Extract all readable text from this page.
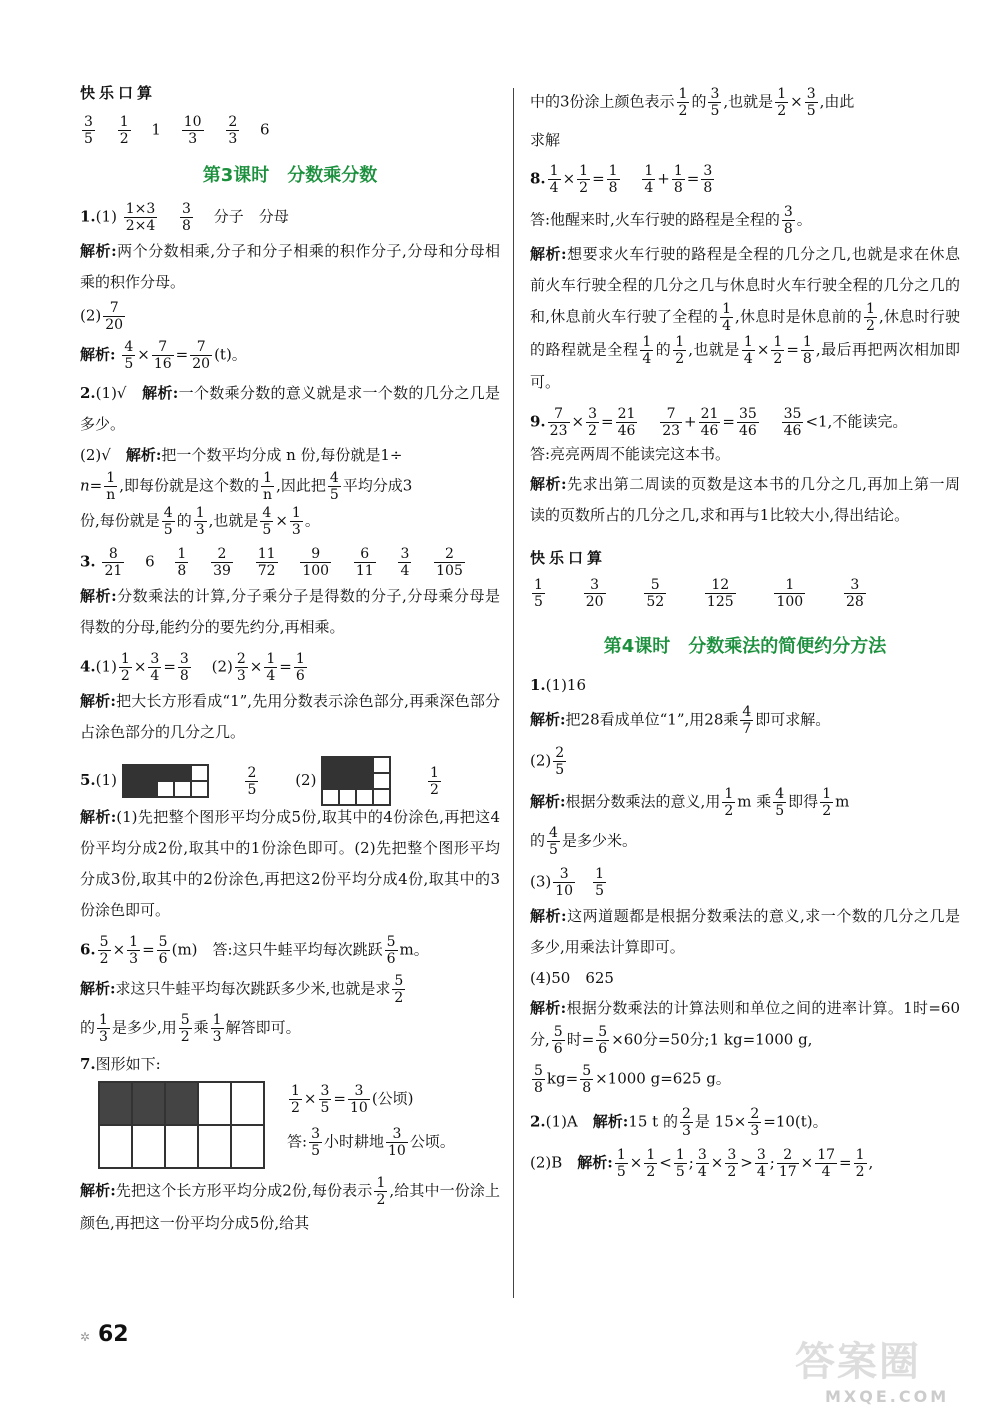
快乐口算
$\frac{3}{5}$
$\frac{1}{2} 1 \frac{10}{3}$
$\frac{2}{3} 6$
第3课时　分数乘分数
$1.(1) \frac{1\times 3}{2\times 4}$
$\frac{3}{8}$ 分子　分母
解析:两个分数相乘,分子和分子相乘的积作分子,分母和分母相乘的积作分母。
$(2) \frac{7}{20}$
解析: $\frac{4}{5} \times \frac{7}{16} = \frac{7}{20} (t)$。
2.(1)√　 解析:一个数乘分数的意义就是求一个数的几分之几是多少。
(2)√　 解析:把一个数平均分成 n 份,每份就是1÷
$n= \frac{1}{n}$ ,即每份就是这个数的 $\frac{1}{n}$ ,因此把 $\frac{4}{5}$ 平均分成3
份,每份就是 $\frac{4}{5}$ 的 $\frac{1}{3}$ ,也就是 $\frac{4}{5} \times \frac{1}{3}$ 。
3. $\frac{8}{21} 6 \frac{1}{8}$
$\frac{2}{39}$
$\frac{11}{72}$
$\frac{9}{100}$
$\frac{6}{11}$
$\frac{3}{4}$
$\frac{2}{105}$
解析:分数乘法的计算,分子乘分子是得数的分子,分母乘分母是得数的分母,能约分的要先约分,再相乘。
$4.(1) \frac{1}{2} \times \frac{3}{4} = \frac{3}{8} (2) \frac{2}{3} \times \frac{1}{4} = \frac{1}{6}$
解析:把大长方形看成“1”,先用分数表示涂色部分,再乘深色部分占涂色部分的几分之几。
5.(1)
	$\frac{2}{5} (2)$
	$\frac{1}{2}$
解析:(1)先把整个图形平均分成5份,取其中的4份涂色,再把这4份平均分成2份,取其中的1份涂色即可。(2)先把整个图形平均分成3份,取其中的2份涂色,再把这2份平均分成4份,取其中的3份涂色即可。
6. $\frac{5}{2} \times \frac{1}{3} = \frac{5}{6} (m)$　 答:这只牛蛙平均每次跳跃 $\frac{5}{6}$ m。
解析:求这只牛蛙平均每次跳跃多少米,也就是求 $\frac{5}{2}$
的 $\frac{1}{3}$ 是多少,用 $\frac{5}{2}$ 乘 $\frac{1}{3}$ 解答即可。
7.图形如下:
$\frac{1}{2} \times \frac{3}{5} = \frac{3}{10}$ (公顷)
答: $\frac{3}{5}$ 小时耕地 $\frac{3}{10}$ 公顷。
解析:先把这个长方形平均分成2份,每份表示 $\frac{1}{2}$ ,给其中一份涂上颜色,再把这一份平均分成5份,给其
中的3份涂上颜色表示 $\frac{1}{2}$ 的 $\frac{3}{5}$ ,也就是 $\frac{1}{2} \times \frac{3}{5}$ ,由此
求解
8. $\frac{1}{4} \times \frac{1}{2} = \frac{1}{8}$
$\frac{1}{4} + \frac{1}{8} = \frac{3}{8}$
答:他醒来时,火车行驶的路程是全程的 $\frac{3}{8}$ 。
解析:想要求火车行驶的路程是全程的几分之几,也就是求在休息前火车行驶全程的几分之几与休息时火车行驶全程的几分之几的和,休息前火车行驶了全程的 $\frac{1}{4}$ ,休息时是休息前的 $\frac{1}{2}$ ,休息时行驶的路程就是全程 $\frac{1}{4}$ 的 $\frac{1}{2}$ ,也就是 $\frac{1}{4} \times \frac{1}{2} = \frac{1}{8}$ ,最后再把两次相加即可。
9. $\frac{7}{23} \times \frac{3}{2} = \frac{21}{46}$
$\frac{7}{23} + \frac{21}{46} = \frac{35}{46}$
$\frac{35}{46} <1$,不能读完。
答:亮亮两周不能读完这本书。
解析:先求出第二周读的页数是这本书的几分之几,再加上第一周读的页数所占的几分之几,求和再与1比较大小,得出结论。
快乐口算
$\frac{1}{5}$
	$\frac{3}{20}$
	$\frac{5}{52}$
	$\frac{12}{125}$
	$\frac{1}{100}$
	$\frac{3}{28}$
第4课时　分数乘法的简便约分方法
1.(1)16
解析:把28看成单位“1”,用28乘 $\frac{4}{7}$ 即可求解。
$(2) \frac{2}{5}$
解析:根据分数乘法的意义,用 $\frac{1}{2}$ m 乘 $\frac{4}{5}$ 即得 $\frac{1}{2}$ m
的 $\frac{4}{5}$ 是多少米。
$(3) \frac{3}{10} \frac{1}{5}$
解析:这两道题都是根据分数乘法的意义,求一个数的几分之几是多少,用乘法计算即可。
(4)50　625
解析:根据分数乘法的计算法则和单位之间的进率计算。1时=60分, $\frac{5}{6}$ 时= $\frac{5}{6} \times 60$分=50分;1 kg=1000 g,
$\frac{5}{8} kg= \frac{5}{8} \times 1000$ g=625 g。
2.(1)A　 解析:15 t 的 $\frac{2}{3}$ 是 $15\times \frac{2}{3} =10(t)$。
(2)B　 解析: $\frac{1}{5} \times \frac{1}{2} < \frac{1}{5}$ ; $\frac{3}{4} \times \frac{3}{2} > \frac{3}{4}$ ; $\frac{2}{17} \times \frac{17}{4} = \frac{1}{2}$ ,
✲ 62
答案圈
MXQE.COM
